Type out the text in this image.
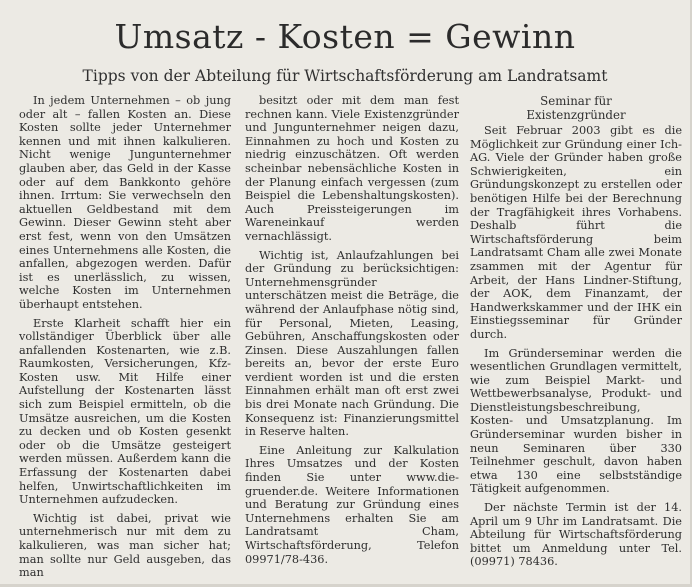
Umsatz - Kosten = Gewinn
Tipps von der Abteilung für Wirtschaftsförderung am Landratsamt

In jedem Unternehmen – ob jung oder alt – fallen Kosten an. Diese Kosten sollte jeder Unternehmer kennen und mit ihnen kalkulieren. Nicht wenige Jungunternehmer glauben aber, das Geld in der Kasse oder auf dem Bankkonto gehöre ihnen. Irrtum: Sie verwechseln den aktuellen Geldbestand mit dem Gewinn. Dieser Gewinn steht aber erst fest, wenn von den Umsätzen eines Unternehmens alle Kosten, die anfallen, abgezogen werden. Dafür ist es unerlässlich, zu wissen, welche Kosten im Unternehmen überhaupt entstehen.

Erste Klarheit schafft hier ein vollständiger Überblick über alle anfallenden Kostenarten, wie z.B. Raumkosten, Versicherungen, Kfz-Kosten usw. Mit Hilfe einer Aufstellung der Kostenarten lässt sich zum Beispiel ermitteln, ob die Umsätze ausreichen, um die Kosten zu decken und ob Kosten gesenkt oder ob die Umsätze gesteigert werden müssen. Außerdem kann die Erfassung der Kostenarten dabei helfen, Unwirtschaftlichkeiten im Unternehmen aufzudecken.

Wichtig ist dabei, privat wie unternehmerisch nur mit dem zu kalkulieren, was man sicher hat; man sollte nur Geld ausgeben, das man

besitzt oder mit dem man fest rechnen kann. Viele Existenzgründer und Jungunternehmer neigen dazu, Einnahmen zu hoch und Kosten zu niedrig einzuschätzen. Oft werden scheinbar nebensächliche Kosten in der Planung einfach vergessen (zum Beispiel die Lebenshaltungskosten). Auch Preissteigerungen im Wareneinkauf werden vernachlässigt.

Wichtig ist, Anlaufzahlungen bei der Gründung zu berücksichtigen: Unternehmensgründer unterschätzen meist die Beträge, die während der Anlaufphase nötig sind, für Personal, Mieten, Leasing, Gebühren, Anschaffungskosten oder Zinsen. Diese Auszahlungen fallen bereits an, bevor der erste Euro verdient worden ist und die ersten Einnahmen erhält man oft erst zwei bis drei Monate nach Gründung. Die Konsequenz ist: Finanzierungsmittel in Reserve halten.

Eine Anleitung zur Kalkulation Ihres Umsatzes und der Kosten finden Sie unter www.die-gruender.de. Weitere Informationen und Beratung zur Gründung eines Unternehmens erhalten Sie am Landratsamt Cham, Wirtschaftsförderung, Telefon 09971/78-436.

Seminar für
Existenzgründer

Seit Februar 2003 gibt es die Möglichkeit zur Gründung einer Ich-AG. Viele der Gründer haben große Schwierigkeiten, ein Gründungskonzept zu erstellen oder benötigen Hilfe bei der Berechnung der Tragfähigkeit ihres Vorhabens. Deshalb führt die Wirtschaftsförderung beim Landratsamt Cham alle zwei Monate zsammen mit der Agentur für Arbeit, der Hans Lindner-Stiftung, der AOK, dem Finanzamt, der Handwerkskammer und der IHK ein Einstiegsseminar für Gründer durch.

Im Gründerseminar werden die wesentlichen Grundlagen vermittelt, wie zum Beispiel Markt- und Wettbewerbsanalyse, Produkt- und Dienstleistungsbeschreibung, Kosten- und Umsatzplanung. Im Gründerseminar wurden bisher in neun Seminaren über 330 Teilnehmer geschult, davon haben etwa 130 eine selbstständige Tätigkeit aufgenommen.

Der nächste Termin ist der 14. April um 9 Uhr im Landratsamt. Die Abteilung für Wirtschaftsförderung bittet um Anmeldung unter Tel. (09971) 78436.
